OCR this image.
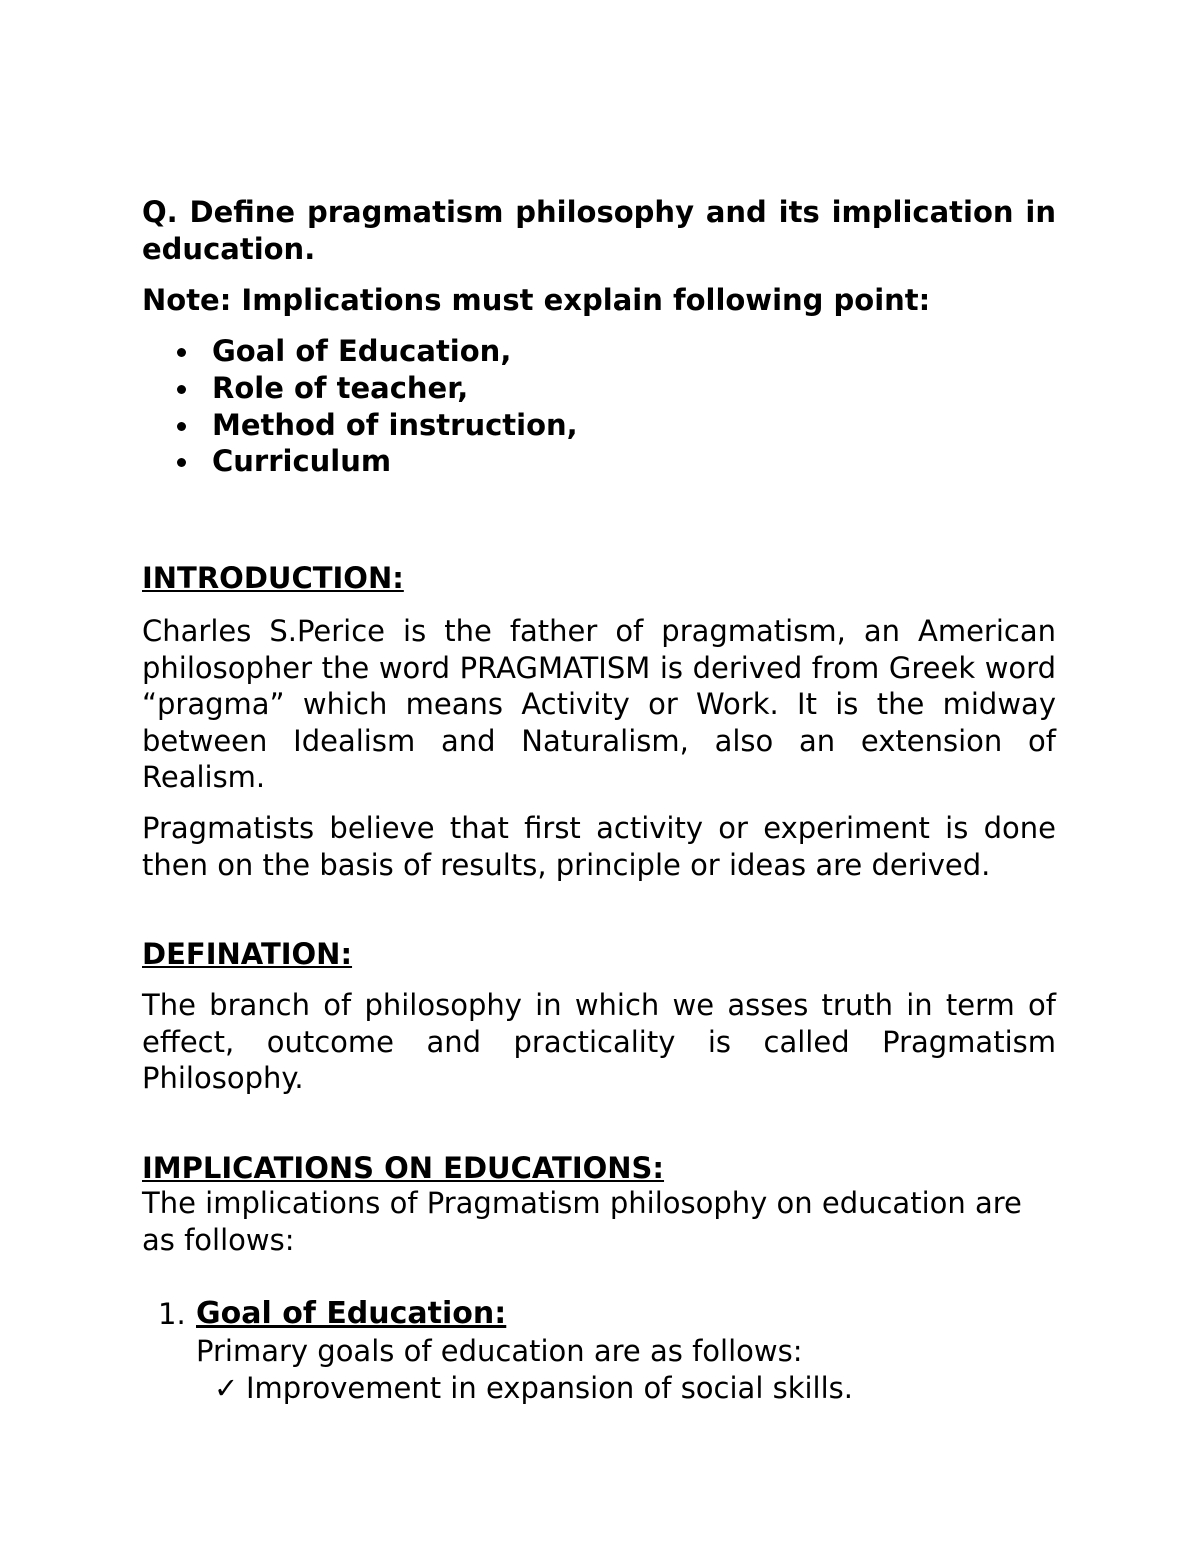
Q. Define pragmatism philosophy and its implication in education.

Note: Implications must explain following point:

Goal of Education,
Role of teacher,
Method of instruction,
Curriculum
INTRODUCTION:

Charles S.Perice is the father of pragmatism, an American philosopher the word PRAGMATISM is derived from Greek word “pragma” which means Activity or Work. It is the midway between Idealism and Naturalism, also an extension of Realism.

Pragmatists believe that first activity or experiment is done then on the basis of results, principle or ideas are derived.

DEFINATION:

The branch of philosophy in which we asses truth in term of effect, outcome and practicality is called Pragmatism Philosophy.

IMPLICATIONS ON EDUCATIONS:

The implications of Pragmatism philosophy on education are as follows:

1. Goal of Education:
Primary goals of education are as follows:
✓ Improvement in expansion of social skills.
